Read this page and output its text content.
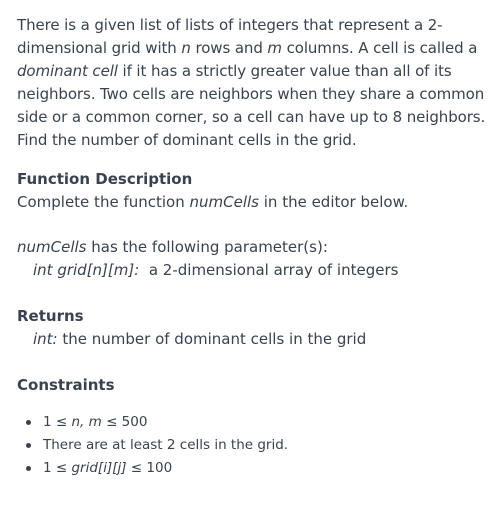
There is a given list of lists of integers that represent a 2-dimensional grid with n rows and m columns. A cell is called a dominant cell if it has a strictly greater value than all of its neighbors. Two cells are neighbors when they share a common side or a common corner, so a cell can have up to 8 neighbors. Find the number of dominant cells in the grid.

Function Description

Complete the function numCells in the editor below.

numCells has the following parameter(s):

int grid[n][m]:  a 2-dimensional array of integers

Returns

int: the number of dominant cells in the grid

Constraints
1 ≤ n, m ≤ 500
There are at least 2 cells in the grid.
1 ≤ grid[i][j] ≤ 100
